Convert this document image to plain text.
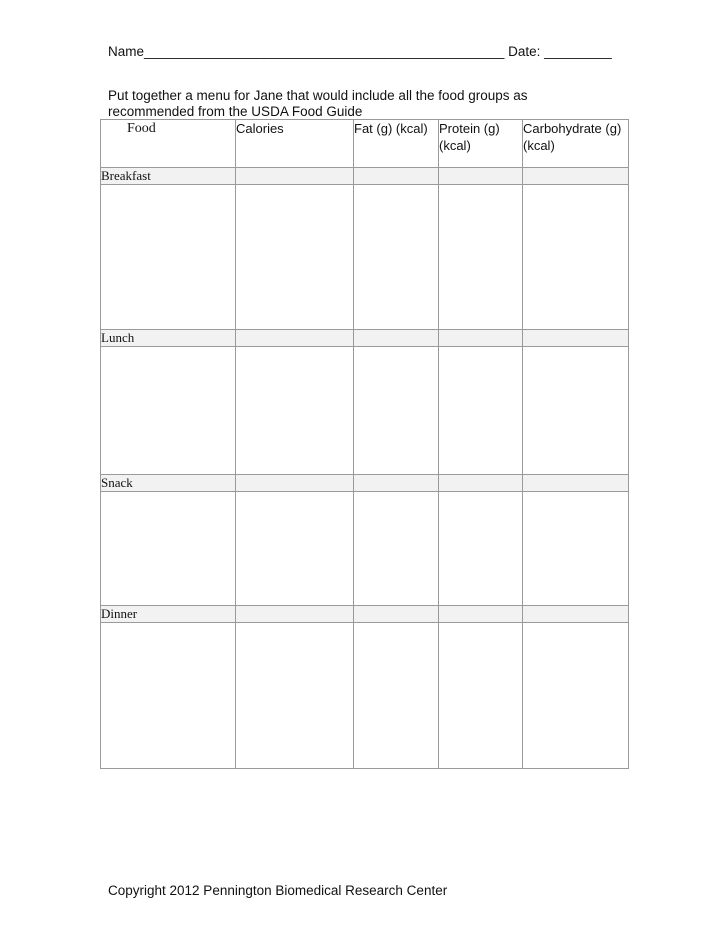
Name________________________________________________ Date: _________
Put together a menu for Jane that would include all the food groups as recommended from the USDA Food Guide
Food	Calories	Fat (g) (kcal)	Protein (g) (kcal)	Carbohydrate (g) (kcal)
Breakfast				

Lunch				

Snack				

Dinner				

Copyright 2012 Pennington Biomedical Research Center
